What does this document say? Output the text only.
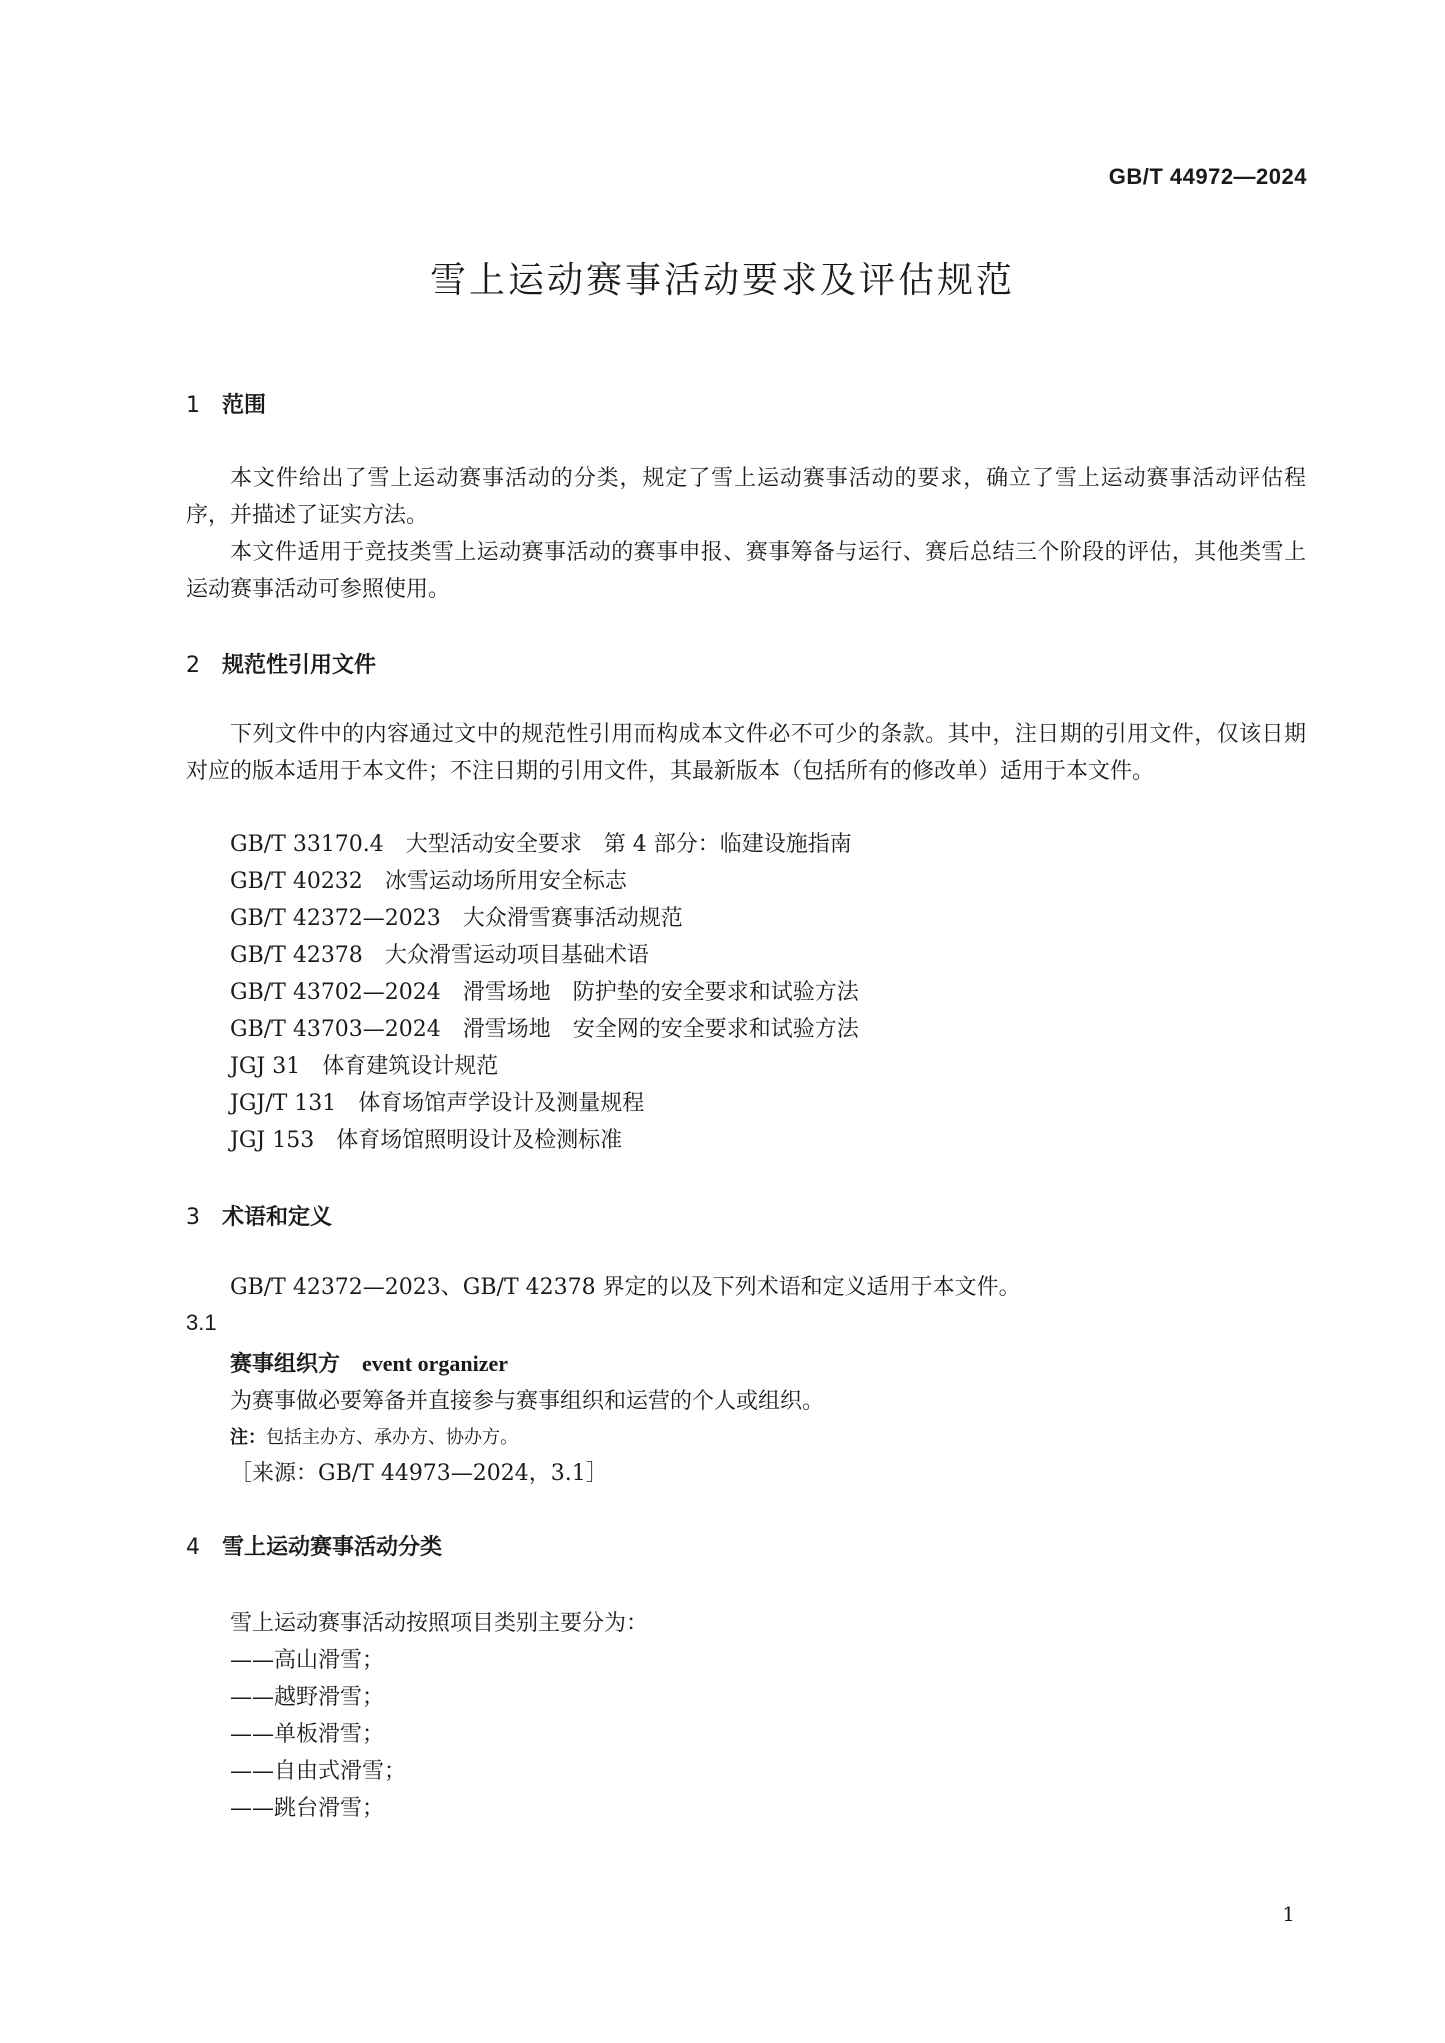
GB/T 44972—2024
雪上运动赛事活动要求及评估规范
1 范围
本文件给出了雪上运动赛事活动的分类，规定了雪上运动赛事活动的要求，确立了雪上运动赛事活动评估程序，并描述了证实方法。
本文件适用于竞技类雪上运动赛事活动的赛事申报、赛事筹备与运行、赛后总结三个阶段的评估，其他类雪上运动赛事活动可参照使用。
2 规范性引用文件
下列文件中的内容通过文中的规范性引用而构成本文件必不可少的条款。其中，注日期的引用文件，仅该日期对应的版本适用于本文件；不注日期的引用文件，其最新版本（包括所有的修改单）适用于本文件。
GB/T 33170.4 大型活动安全要求　第 4 部分：临建设施指南
GB/T 40232 冰雪运动场所用安全标志
GB/T 42372—2023 大众滑雪赛事活动规范
GB/T 42378 大众滑雪运动项目基础术语
GB/T 43702—2024 滑雪场地　防护垫的安全要求和试验方法
GB/T 43703—2024 滑雪场地　安全网的安全要求和试验方法
JGJ 31 体育建筑设计规范
JGJ/T 131 体育场馆声学设计及测量规程
JGJ 153 体育场馆照明设计及检测标准
3 术语和定义
GB/T 42372—2023、GB/T 42378 界定的以及下列术语和定义适用于本文件。
3.1
赛事组织方 event organizer
为赛事做必要筹备并直接参与赛事组织和运营的个人或组织。
注：包括主办方、承办方、协办方。
［来源：GB/T 44973—2024，3.1］
4 雪上运动赛事活动分类
雪上运动赛事活动按照项目类别主要分为：
——高山滑雪；
——越野滑雪；
——单板滑雪；
——自由式滑雪；
——跳台滑雪；
1
